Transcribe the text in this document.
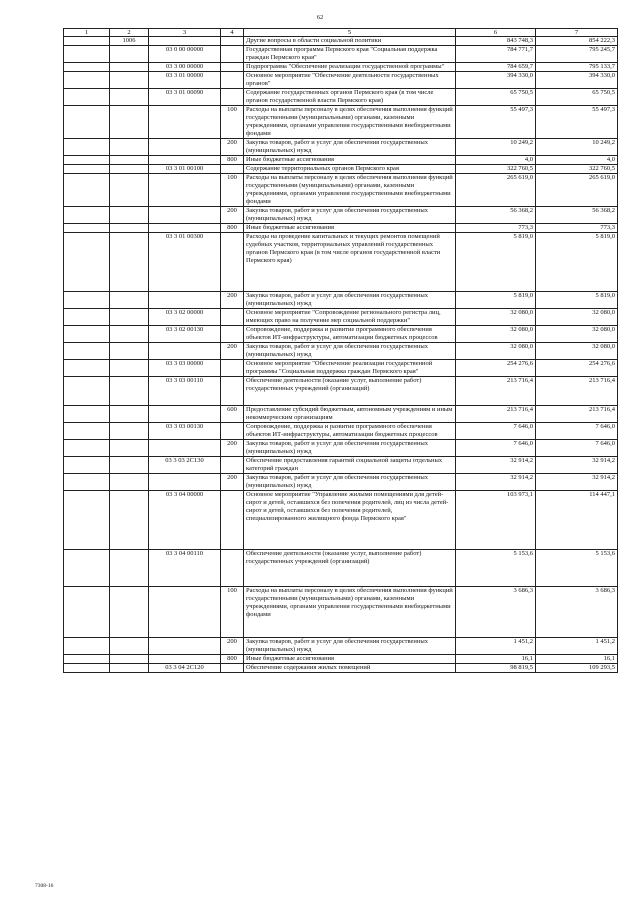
62
1	2	3	4	5	6	7
	1006			Другие вопросы в области социальной политики	843 748,3	854 222,3
		03 0 00 00000		Государственная программа Пермского края "Социальная поддержка граждан Пермского края"	784 771,7	795 245,7
		03 3 00 00000		Подпрограмма "Обеспечение реализации государственной программы"	784 659,7	795 133,7
		03 3 01 00000		Основное мероприятие "Обеспечение деятельности государственных органов"	394 330,0	394 330,0
		03 3 01 00090		Содержание государственных органов Пермского края (в том числе органов государственной власти Пермского края)	65 750,5	65 750,5
			100	Расходы на выплаты персоналу в целях обеспечения выполнения функций государственными (муниципальными) органами, казенными учреждениями, органами управления государственными внебюджетными фондами	55 497,3	55 497,3
			200	Закупка товаров, работ и услуг для обеспечения государственных (муниципальных) нужд	10 249,2	10 249,2
			800	Иные бюджетные ассигнования	4,0	4,0
		03 3 01 00100		Содержание территориальных органов Пермского края	322 760,5	322 760,5
			100	Расходы на выплаты персоналу в целях обеспечения выполнения функций государственными (муниципальными) органами, казенными учреждениями, органами управления государственными внебюджетными фондами	265 619,0	265 619,0
			200	Закупка товаров, работ и услуг для обеспечения государственных (муниципальных) нужд	56 368,2	56 368,2
			800	Иные бюджетные ассигнования	773,3	773,3
		03 3 01 00300		Расходы на проведение капитальных и текущих ремонтов помещений судебных участков, территориальных управлений государственных органов Пермского края (в том числе органов государственной власти Пермского края)	5 819,0	5 819,0
			200	Закупка товаров, работ и услуг для обеспечения государственных (муниципальных) нужд	5 819,0	5 819,0
		03 3 02 00000		Основное мероприятие "Сопровождение регионального регистра лиц, имеющих право на получение мер социальной поддержки"	32 080,0	32 080,0
		03 3 02 00130		Сопровождение, поддержка и развитие программного обеспечения объектов ИТ-инфраструктуры, автоматизации бюджетных процессов	32 080,0	32 080,0
			200	Закупка товаров, работ и услуг для обеспечения государственных (муниципальных) нужд	32 080,0	32 080,0
		03 3 03 00000		Основное мероприятие "Обеспечение реализации государственной программы "Социальная поддержка граждан Пермского края"	254 276,6	254 276,6
		03 3 03 00110		Обеспечение деятельности (оказание услуг, выполнение работ) государственных учреждений (организаций)	213 716,4	213 716,4
			600	Предоставление субсидий бюджетным, автономным учреждениям и иным некоммерческим организациям	213 716,4	213 716,4
		03 3 03 00130		Сопровождение, поддержка и развитие программного обеспечения объектов ИТ-инфраструктуры, автоматизации бюджетных процессов	7 646,0	7 646,0
			200	Закупка товаров, работ и услуг для обеспечения государственных (муниципальных) нужд	7 646,0	7 646,0
		03 3 03 2С130		Обеспечение предоставления гарантий социальной защиты отдельных категорий граждан	32 914,2	32 914,2
			200	Закупка товаров, работ и услуг для обеспечения государственных (муниципальных) нужд	32 914,2	32 914,2
		03 3 04 00000		Основное мероприятие "Управление жилыми помещениями для детей-сирот и детей, оставшихся без попечения родителей, лиц из числа детей-сирот и детей, оставшихся без попечения родителей, специализированного жилищного фонда Пермского края"	103 973,1	114 447,1
		03 3 04 00110		Обеспечение деятельности (оказание услуг, выполнение работ) государственных учреждений (организаций)	5 153,6	5 153,6
			100	Расходы на выплаты персоналу в целях обеспечения выполнения функций государственными (муниципальными) органами, казенными учреждениями, органами управления государственными внебюджетными фондами	3 686,3	3 686,3
			200	Закупка товаров, работ и услуг для обеспечения государственных (муниципальных) нужд	1 451,2	1 451,2
			800	Иные бюджетные ассигнования	16,1	16,1
		03 3 04 2С120		Обеспечение содержания жилых помещений	98 819,5	109 293,5
7308-16
